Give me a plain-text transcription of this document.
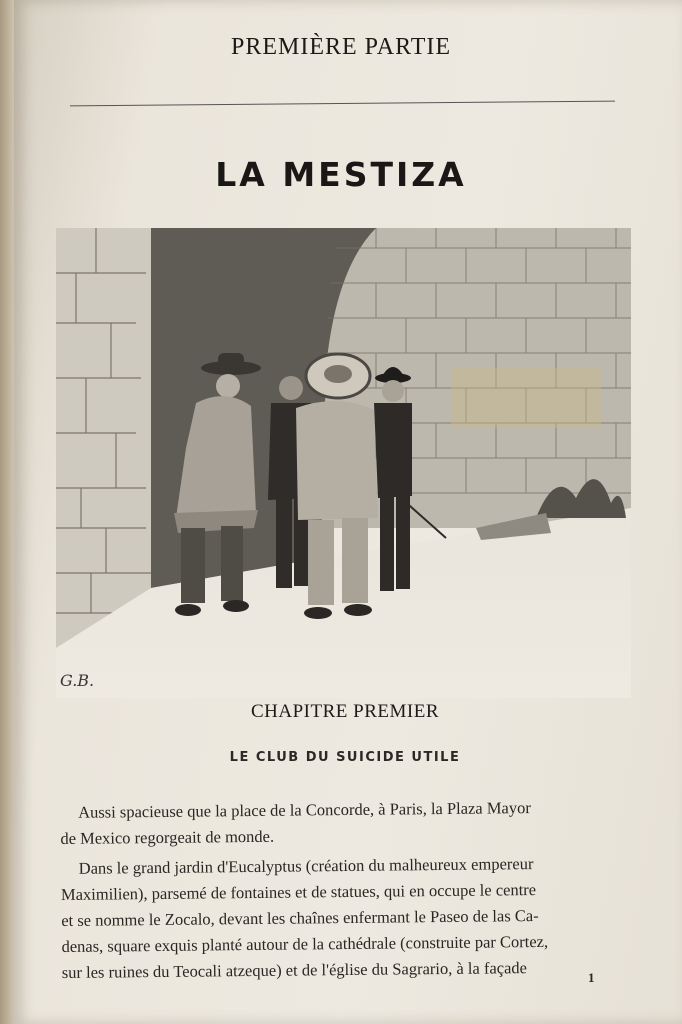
PREMIÈRE PARTIE
LA MESTIZA
G.B.
CHAPITRE PREMIER
LE CLUB DU SUICIDE UTILE

Aussi spacieuse que la place de la Concorde, à Paris, la Plaza Mayor
de Mexico regorgeait de monde.

Dans le grand jardin d'Eucalyptus (création du malheureux empereur
Maximilien), parsemé de fontaines et de statues, qui en occupe le centre
et se nomme le Zocalo, devant les chaînes enfermant le Paseo de las Ca-
denas, square exquis planté autour de la cathédrale (construite par Cortez,
sur les ruines du Teocali atzeque) et de l'église du Sagrario, à la façade	1
